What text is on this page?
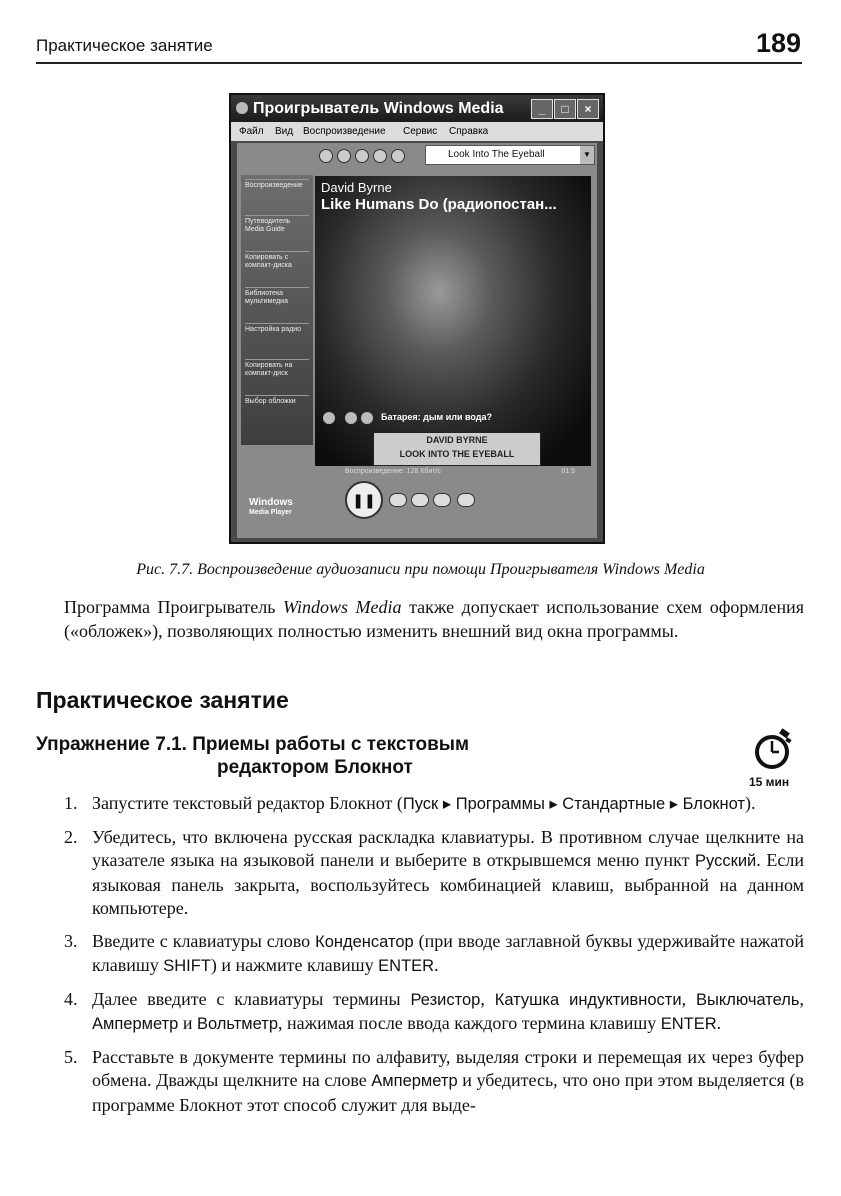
Практическое занятие	189
Проигрыватель Windows Media	_	□	×
Файл Вид Воспроизведение Сервис Справка
Look Into The Eyeball	▼
Воспроизведение
Путеводитель Media Guide
Копировать с компакт-диска
Библиотека мультимедиа
Настройка радио
Копировать на компакт-диск
Выбор обложки
David Byrne
Like Humans Do (радиопостан...
Батарея: дым или вода?
DAVID BYRNE
LOOK INTO THE EYEBALL
Воспроизведение: 128 Кбит/с	01:5
Windows
Media Player
❚❚
Рис. 7.7. Воспроизведение аудиозаписи при помощи Проигрывателя Windows Media
Программа Проигрыватель Windows Media также допускает использование схем оформления («обложек»), позволяющих полностью изменить внешний вид окна программы.
Практическое занятие
Упражнение 7.1. Приемы работы с текстовым
редактором Блокнот
15 мин
1. Запустите текстовый редактор Блокнот (Пуск ▸ Программы ▸ Стандартные ▸ Блокнот).
2. Убедитесь, что включена русская раскладка клавиатуры. В противном случае щелкните на указателе языка на языковой панели и выберите в открывшемся меню пункт Русский. Если языковая панель закрыта, воспользуйтесь комбинацией клавиш, выбранной на данном компьютере.
3. Введите с клавиатуры слово Конденсатор (при вводе заглавной буквы удерживайте нажатой клавишу SHIFT) и нажмите клавишу ENTER.
4. Далее введите с клавиатуры термины Резистор, Катушка индуктивности, Выключатель, Амперметр и Вольтметр, нажимая после ввода каждого термина клавишу ENTER.
5. Расставьте в документе термины по алфавиту, выделяя строки и перемещая их через буфер обмена. Дважды щелкните на слове Амперметр и убедитесь, что оно при этом выделяется (в программе Блокнот этот способ служит для выде-
